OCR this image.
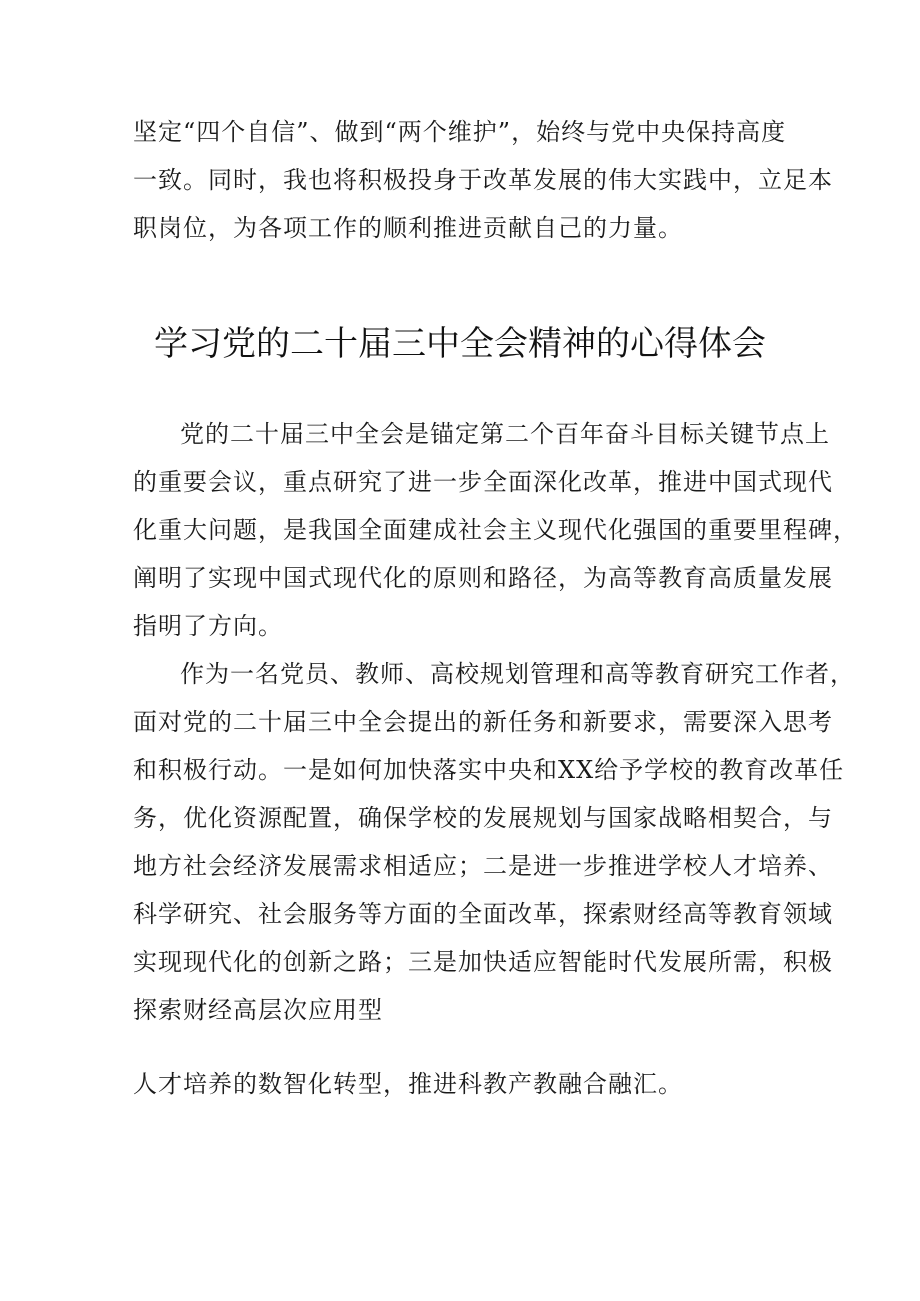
坚定“四个自信”、做到“两个维护”，始终与党中央保持高度
一致。同时，我也将积极投身于改革发展的伟大实践中，立足本
职岗位，为各项工作的顺利推进贡献自己的力量。
学习党的二十届三中全会精神的心得体会
党的二十届三中全会是锚定第二个百年奋斗目标关键节点上
的重要会议，重点研究了进一步全面深化改革，推进中国式现代
化重大问题，是我国全面建成社会主义现代化强国的重要里程碑，
阐明了实现中国式现代化的原则和路径，为高等教育高质量发展
指明了方向。
作为一名党员、教师、高校规划管理和高等教育研究工作者，
面对党的二十届三中全会提出的新任务和新要求，需要深入思考
和积极行动。一是如何加快落实中央和XX给予学校的教育改革任
务，优化资源配置，确保学校的发展规划与国家战略相契合，与
地方社会经济发展需求相适应；二是进一步推进学校人才培养、
科学研究、社会服务等方面的全面改革，探索财经高等教育领域
实现现代化的创新之路；三是加快适应智能时代发展所需，积极
探索财经高层次应用型
人才培养的数智化转型，推进科教产教融合融汇。
